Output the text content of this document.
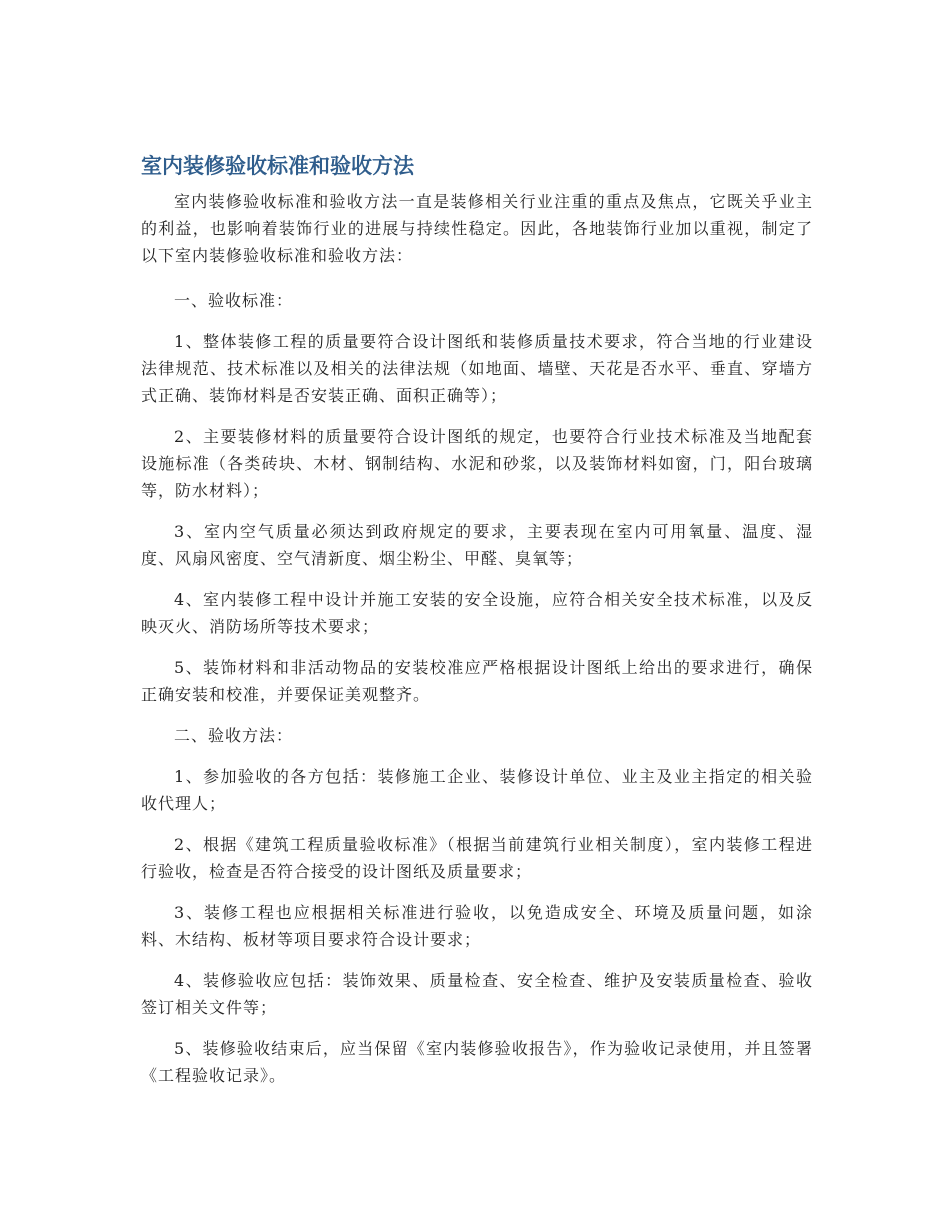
室内装修验收标准和验收方法

室内装修验收标准和验收方法一直是装修相关行业注重的重点及焦点，它既关乎业主的利益，也影响着装饰行业的进展与持续性稳定。因此，各地装饰行业加以重视，制定了以下室内装修验收标准和验收方法：

一、验收标准：

1、整体装修工程的质量要符合设计图纸和装修质量技术要求，符合当地的行业建设法律规范、技术标准以及相关的法律法规（如地面、墙壁、天花是否水平、垂直、穿墙方式正确、装饰材料是否安装正确、面积正确等）；

2、主要装修材料的质量要符合设计图纸的规定，也要符合行业技术标准及当地配套设施标准（各类砖块、木材、钢制结构、水泥和砂浆，以及装饰材料如窗，门，阳台玻璃等，防水材料）；

3、室内空气质量必须达到政府规定的要求，主要表现在室内可用氧量、温度、湿度、风扇风密度、空气清新度、烟尘粉尘、甲醛、臭氧等；

4、室内装修工程中设计并施工安装的安全设施，应符合相关安全技术标准，以及反映灭火、消防场所等技术要求；

5、装饰材料和非活动物品的安装校准应严格根据设计图纸上给出的要求进行，确保正确安装和校准，并要保证美观整齐。

二、验收方法：

1、参加验收的各方包括：装修施工企业、装修设计单位、业主及业主指定的相关验收代理人；

2、根据《建筑工程质量验收标准》（根据当前建筑行业相关制度），室内装修工程进行验收，检查是否符合接受的设计图纸及质量要求；

3、装修工程也应根据相关标准进行验收，以免造成安全、环境及质量问题，如涂料、木结构、板材等项目要求符合设计要求；

4、装修验收应包括：装饰效果、质量检查、安全检查、维护及安装质量检查、验收签订相关文件等；

5、装修验收结束后，应当保留《室内装修验收报告》，作为验收记录使用，并且签署《工程验收记录》。
